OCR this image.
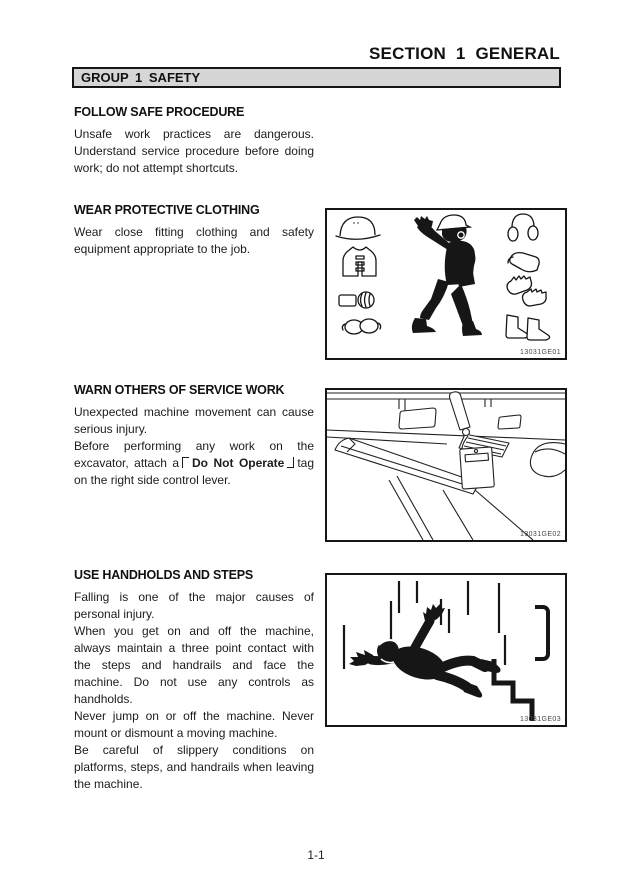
SECTION 1 GENERAL
GROUP 1 SAFETY
FOLLOW SAFE PROCEDURE

Unsafe work practices are dangerous. Understand service procedure before doing work; do not attempt shortcuts.

WEAR PROTECTIVE CLOTHING

Wear close fitting clothing and safety equipment appropriate to the job.

13031GE01
WARN OTHERS OF SERVICE WORK

Unexpected machine movement can cause serious injury.

Before performing any work on the excavator, attach a Do Not Operate tag on the right side control lever.

13031GE02
USE HANDHOLDS AND STEPS

Falling is one of the major causes of personal injury.

When you get on and off the machine, always maintain a three point contact with the steps and handrails and face the machine. Do not use any controls as handholds.

Never jump on or off the machine. Never mount or dismount a moving machine.

Be careful of slippery conditions on platforms, steps, and handrails when leaving the machine.

13031GE03
1-1
